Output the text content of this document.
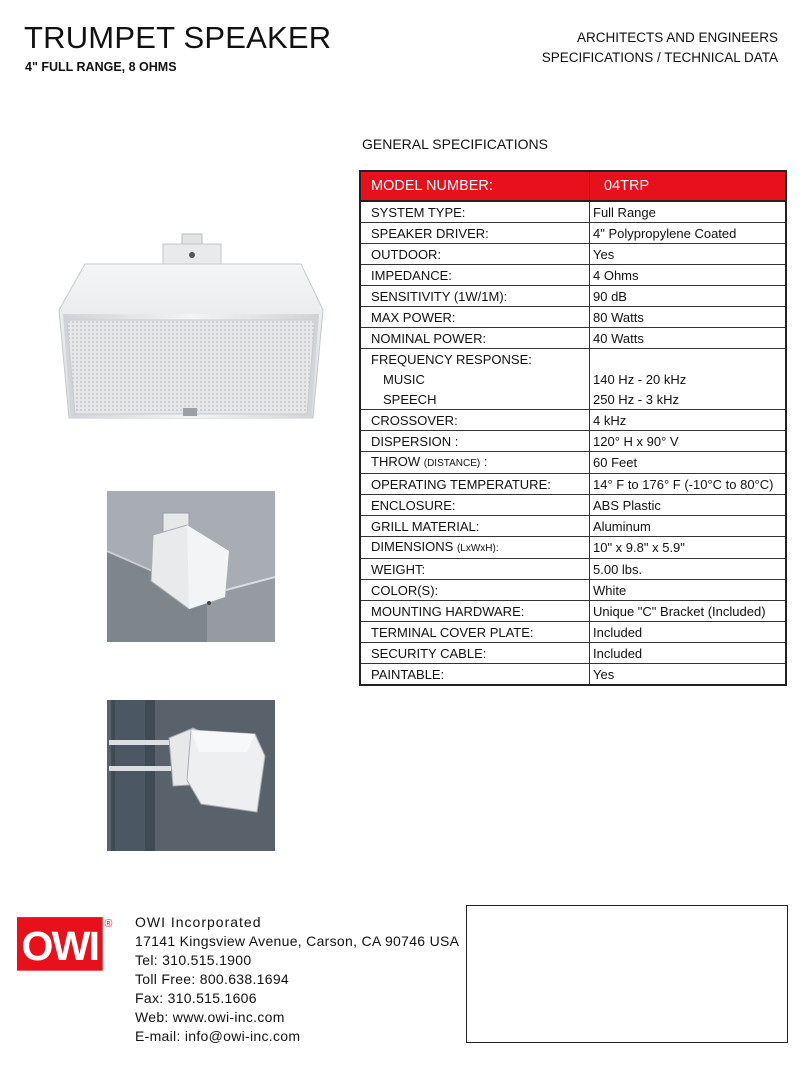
TRUMPET SPEAKER
4" FULL RANGE, 8 OHMS
ARCHITECTS AND ENGINEERS
SPECIFICATIONS / TECHNICAL DATA
GENERAL SPECIFICATIONS
MODEL NUMBER:	04TRP
SYSTEM TYPE:	Full Range
SPEAKER DRIVER:	4" Polypropylene Coated
OUTDOOR:	Yes
IMPEDANCE:	4 Ohms
SENSITIVITY (1W/1M):	90 dB
MAX POWER:	80 Watts
NOMINAL POWER:	40 Watts
FREQUENCY RESPONSE:	
MUSIC	140 Hz - 20 kHz
SPEECH	250 Hz - 3 kHz
CROSSOVER:	4 kHz
DISPERSION :	120° H x 90° V
THROW (DISTANCE) :	60 Feet
OPERATING TEMPERATURE:	14° F to 176° F (-10°C to 80°C)
ENCLOSURE:	ABS Plastic
GRILL MATERIAL:	Aluminum
DIMENSIONS (LxWxH):	10" x 9.8" x 5.9"
WEIGHT:	5.00 lbs.
COLOR(S):	White
MOUNTING HARDWARE:	Unique "C" Bracket (Included)
TERMINAL COVER PLATE:	Included
SECURITY CABLE:	Included
PAINTABLE:	Yes
OWI ® OWI Incorporated
17141 Kingsview Avenue, Carson, CA 90746 USA
Tel: 310.515.1900
Toll Free: 800.638.1694
Fax: 310.515.1606
Web: www.owi-inc.com
E-mail: info@owi-inc.com
